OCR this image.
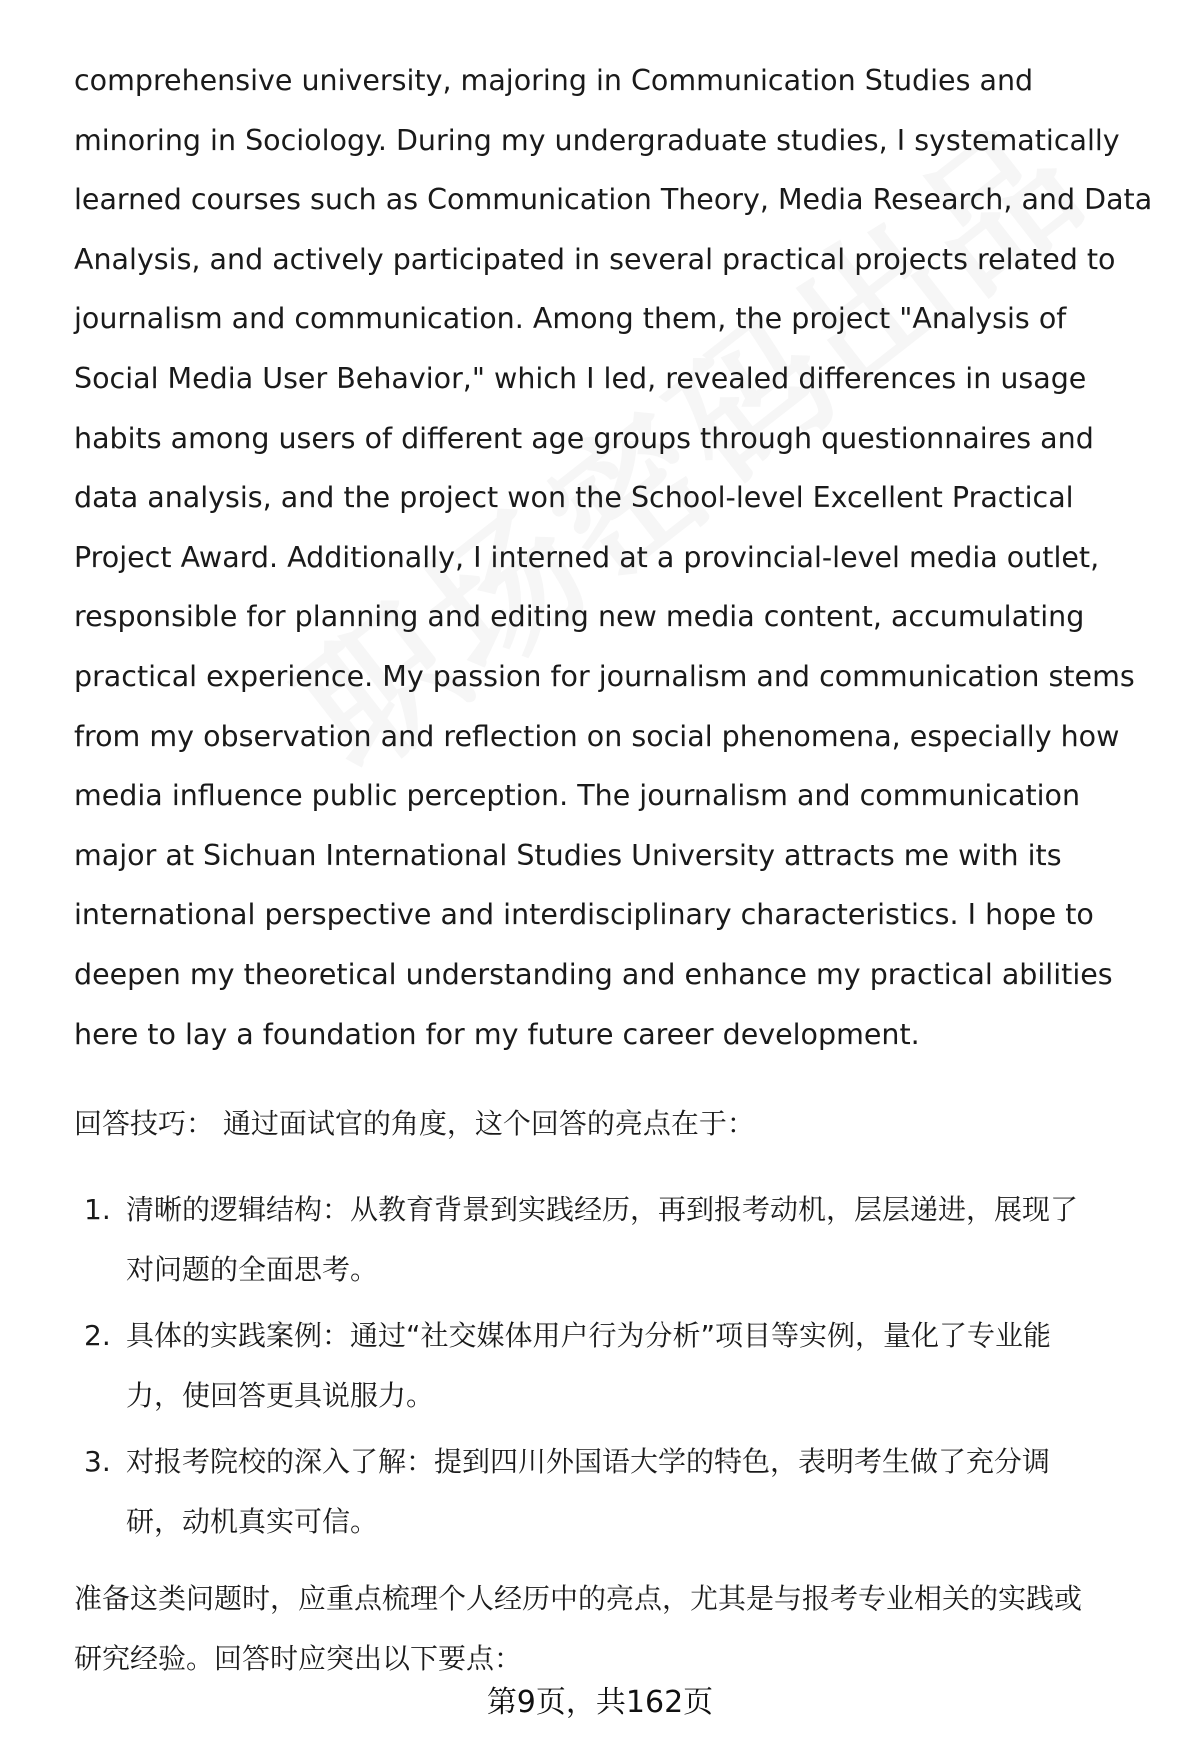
comprehensive university, majoring in Communication Studies and
minoring in Sociology. During my undergraduate studies, I systematically
learned courses such as Communication Theory, Media Research, and Data
Analysis, and actively participated in several practical projects related to
journalism and communication. Among them, the project "Analysis of
Social Media User Behavior," which I led, revealed differences in usage
habits among users of different age groups through questionnaires and
data analysis, and the project won the School-level Excellent Practical
Project Award. Additionally, I interned at a provincial-level media outlet,
responsible for planning and editing new media content, accumulating
practical experience. My passion for journalism and communication stems
from my observation and reflection on social phenomena, especially how
media influence public perception. The journalism and communication
major at Sichuan International Studies University attracts me with its
international perspective and interdisciplinary characteristics. I hope to
deepen my theoretical understanding and enhance my practical abilities
here to lay a foundation for my future career development.

回答技巧： 通过面试官的角度，这个回答的亮点在于：

1. 清晰的逻辑结构：从教育背景到实践经历，再到报考动机，层层递进，展现了
对问题的全面思考。
2. 具体的实践案例：通过“社交媒体用户行为分析”项目等实例，量化了专业能
力，使回答更具说服力。
3. 对报考院校的深入了解：提到四川外国语大学的特色，表明考生做了充分调
研，动机真实可信。

准备这类问题时，应重点梳理个人经历中的亮点，尤其是与报考专业相关的实践或
研究经验。回答时应突出以下要点：

第9页，共162页
